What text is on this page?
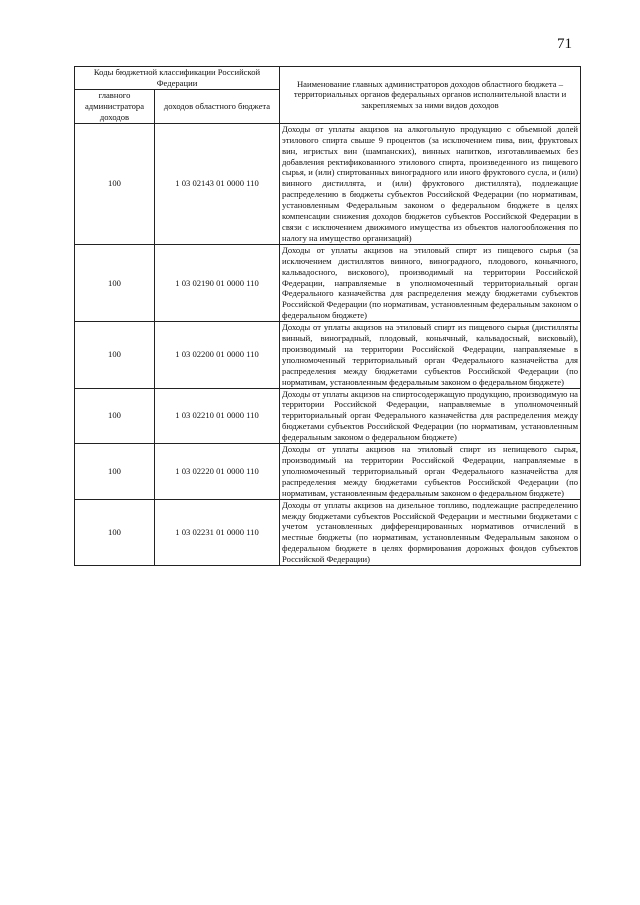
71
Коды бюджетной классификации Российской Федерации		Наименование главных администраторов доходов областного бюджета – территориальных органов федеральных органов исполнительной власти и закрепляемых за ними видов доходов
главного администратора доходов	доходов областного бюджета	
100	1 03 02143 01 0000 110	Доходы от уплаты акцизов на алкогольную продукцию с объемной долей этилового спирта свыше 9 процентов (за исключением пива, вин, фруктовых вин, игристых вин (шампанских), винных напитков, изготавливаемых без добавления ректификованного этилового спирта, произведенного из пищевого сырья, и (или) спиртованных виноградного или иного фруктового сусла, и (или) винного дистиллята, и (или) фруктового дистиллята), подлежащие распределению в бюджеты субъектов Российской Федерации (по нормативам, установленным Федеральным законом о федеральном бюджете в целях компенсации снижения доходов бюджетов субъектов Российской Федерации в связи с исключением движимого имущества из объектов налогообложения по налогу на имущество организаций)
100	1 03 02190 01 0000 110	Доходы от уплаты акцизов на этиловый спирт из пищевого сырья (за исключением дистиллятов винного, виноградного, плодового, коньячного, кальвадосного, вискового), производимый на территории Российской Федерации, направляемые в уполномоченный территориальный орган Федерального казначейства для распределения между бюджетами субъектов Российской Федерации (по нормативам, установленным федеральным законом о федеральном бюджете)
100	1 03 02200 01 0000 110	Доходы от уплаты акцизов на этиловый спирт из пищевого сырья (дистилляты винный, виноградный, плодовый, коньячный, кальвадосный, висковый), производимый на территории Российской Федерации, направляемые в уполномоченный территориальный орган Федерального казначейства для распределения между бюджетами субъектов Российской Федерации (по нормативам, установленным федеральным законом о федеральном бюджете)
100	1 03 02210 01 0000 110	Доходы от уплаты акцизов на спиртосодержащую продукцию, производимую на территории Российской Федерации, направляемые в уполномоченный территориальный орган Федерального казначейства для распределения между бюджетами субъектов Российской Федерации (по нормативам, установленным федеральным законом о федеральном бюджете)
100	1 03 02220 01 0000 110	Доходы от уплаты акцизов на этиловый спирт из непищевого сырья, производимый на территории Российской Федерации, направляемые в уполномоченный территориальный орган Федерального казначейства для распределения между бюджетами субъектов Российской Федерации (по нормативам, установленным федеральным законом о федеральном бюджете)
100	1 03 02231 01 0000 110	Доходы от уплаты акцизов на дизельное топливо, подлежащие распределению между бюджетами субъектов Российской Федерации и местными бюджетами с учетом установленных дифференцированных нормативов отчислений в местные бюджеты (по нормативам, установленным Федеральным законом о федеральном бюджете в целях формирования дорожных фондов субъектов Российской Федерации)
